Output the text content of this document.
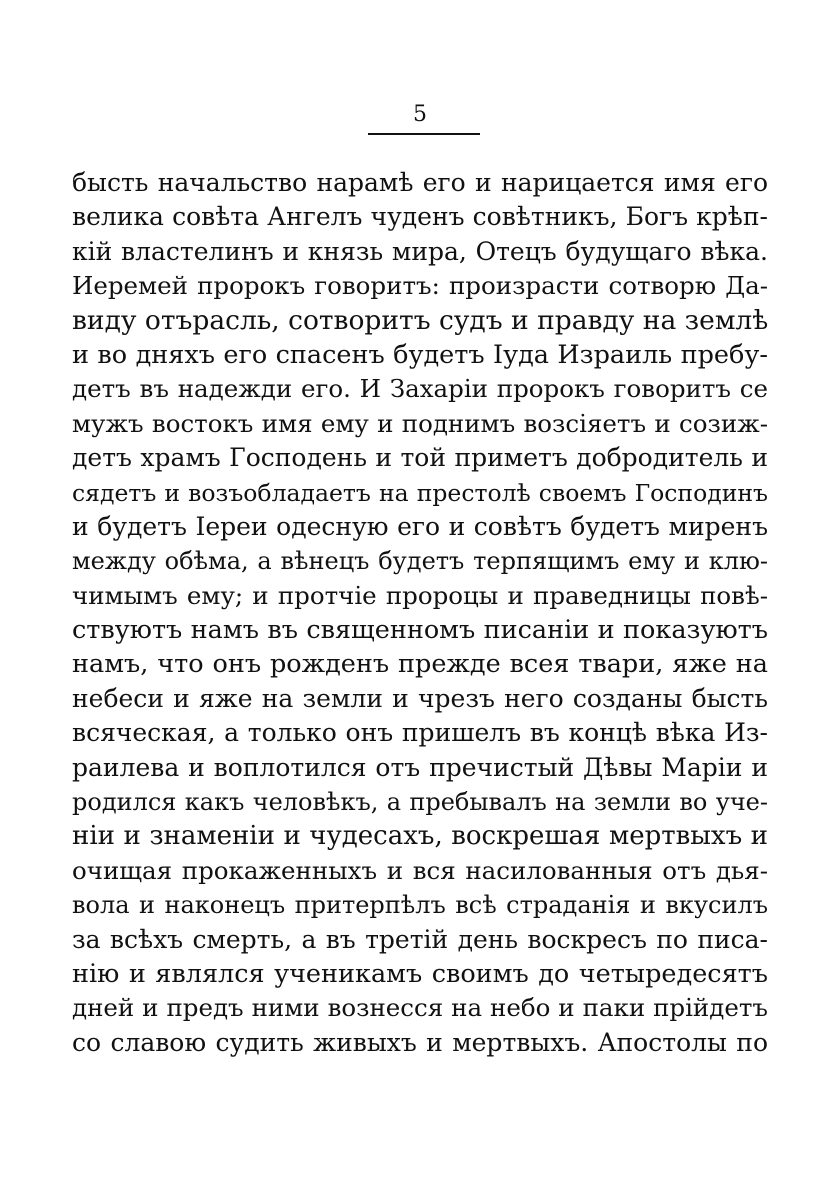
5
бысть начальство нарамѣ его и нарицается имя его
велика совѣта Ангелъ чуденъ совѣтникъ, Богъ крѣп-
кій властелинъ и князь мира, Отецъ будущаго вѣка.
Иеремей пророкъ говоритъ: произрасти сотворю Да-
виду отърасль, сотворитъ судъ и правду на землѣ
и во дняхъ его спасенъ будетъ Іуда Израиль пребу-
детъ въ надежди его. И Захаріи пророкъ говоритъ се
мужъ востокъ имя ему и поднимъ возсіяетъ и созиж-
детъ храмъ Господень и той приметъ добродитель и
сядетъ и возъобладаетъ на престолѣ своемъ Господинъ
и будетъ Іереи одесную его и совѣтъ будетъ миренъ
между обѣма, а вѣнецъ будетъ терпящимъ ему и клю-
чимымъ ему; и протчіе пророцы и праведницы повѣ-
ствуютъ намъ въ священномъ писаніи и показуютъ
намъ, что онъ рожденъ прежде всея твари, яже на
небеси и яже на земли и чрезъ него созданы бысть
всяческая, а только онъ пришелъ въ концѣ вѣка Из-
раилева и воплотился отъ пречистый Дѣвы Маріи и
родился какъ человѣкъ, а пребывалъ на земли во уче-
ніи и знаменіи и чудесахъ, воскрешая мертвыхъ и
очищая прокаженныхъ и вся насилованныя отъ дья-
вола и наконецъ притерпѣлъ всѣ страданія и вкусилъ
за всѣхъ смерть, а въ третій день воскресъ по писа-
нію и являлся ученикамъ своимъ до четыредесятъ
дней и предъ ними вознесся на небо и паки прійдетъ
со славою судить живыхъ и мертвыхъ. Апостолы по
